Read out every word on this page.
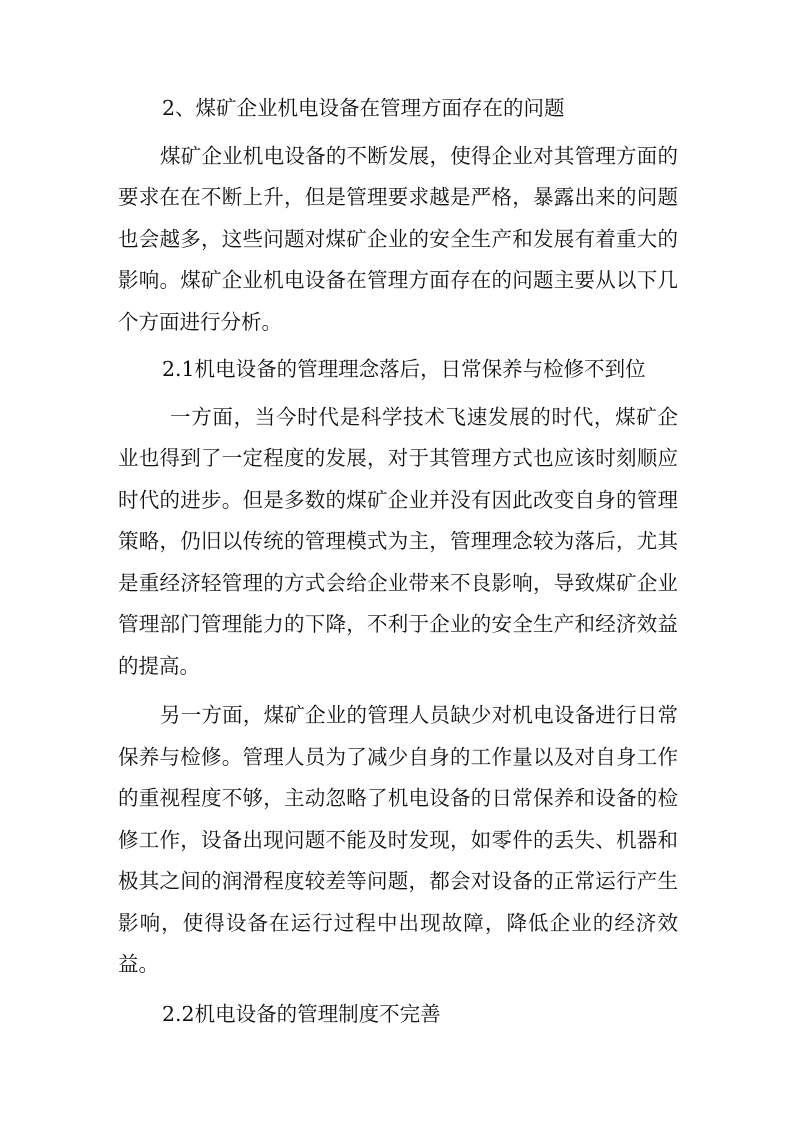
2、煤矿企业机电设备在管理方面存在的问题

煤矿企业机电设备的不断发展，使得企业对其管理方面的要求在在不断上升，但是管理要求越是严格，暴露出来的问题也会越多，这些问题对煤矿企业的安全生产和发展有着重大的影响。煤矿企业机电设备在管理方面存在的问题主要从以下几个方面进行分析。

2.1机电设备的管理理念落后，日常保养与检修不到位

一方面，当今时代是科学技术飞速发展的时代，煤矿企业也得到了一定程度的发展，对于其管理方式也应该时刻顺应时代的进步。但是多数的煤矿企业并没有因此改变自身的管理策略，仍旧以传统的管理模式为主，管理理念较为落后，尤其是重经济轻管理的方式会给企业带来不良影响，导致煤矿企业管理部门管理能力的下降，不利于企业的安全生产和经济效益的提高。

另一方面，煤矿企业的管理人员缺少对机电设备进行日常保养与检修。管理人员为了减少自身的工作量以及对自身工作的重视程度不够，主动忽略了机电设备的日常保养和设备的检修工作，设备出现问题不能及时发现，如零件的丢失、机器和极其之间的润滑程度较差等问题，都会对设备的正常运行产生影响，使得设备在运行过程中出现故障，降低企业的经济效益。

2.2机电设备的管理制度不完善
